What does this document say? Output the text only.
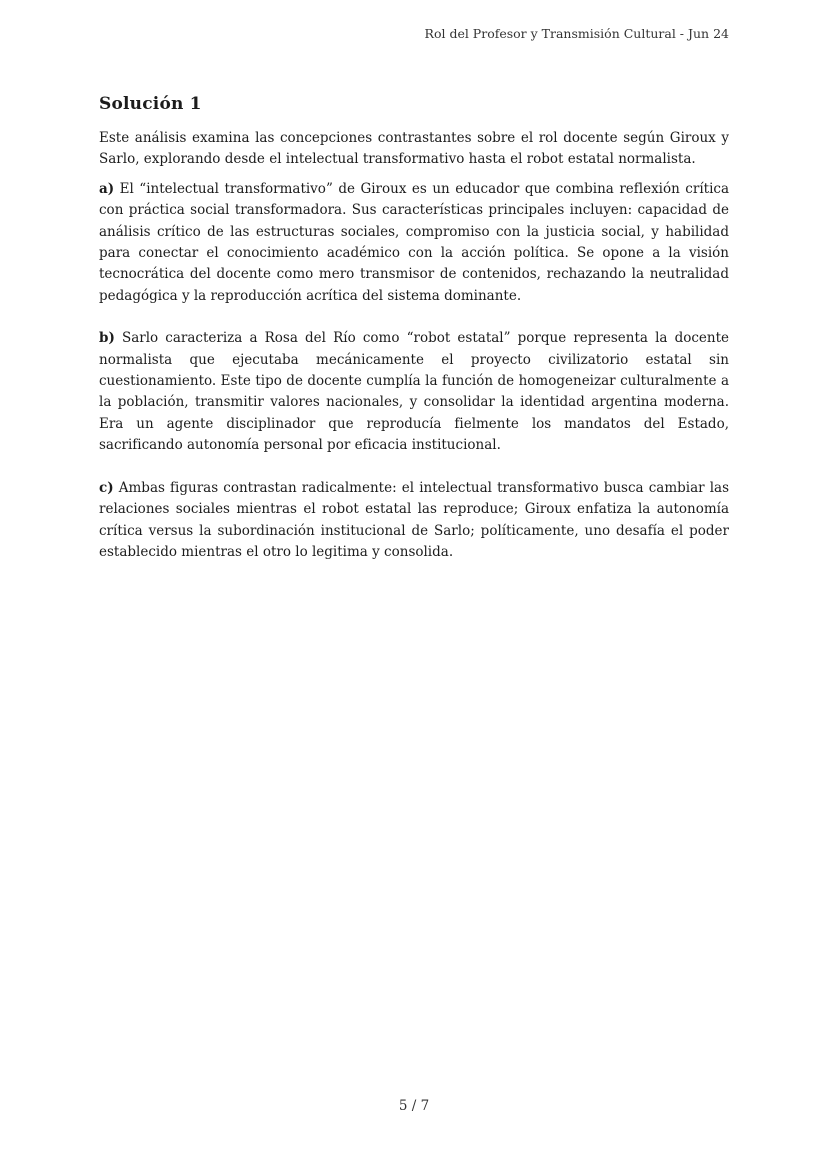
Rol del Profesor y Transmisión Cultural - Jun 24
Solución 1

Este análisis examina las concepciones contrastantes sobre el rol docente según Giroux y Sarlo, explorando desde el intelectual transformativo hasta el robot estatal normalista.

a) El “intelectual transformativo” de Giroux es un educador que combina reflexión crítica con práctica social transformadora. Sus características principales incluyen: capacidad de análisis crítico de las estructuras sociales, compromiso con la justicia social, y habilidad para conectar el conocimiento académico con la acción política. Se opone a la visión tecnocrática del docente como mero transmisor de contenidos, rechazando la neutralidad pedagógica y la reproducción acrítica del sistema dominante.

b) Sarlo caracteriza a Rosa del Río como “robot estatal” porque representa la docente normalista que ejecutaba mecánicamente el proyecto civilizatorio estatal sin cuestionamiento. Este tipo de docente cumplía la función de homogeneizar culturalmente a la población, transmitir valores nacionales, y consolidar la identidad argentina moderna. Era un agente disciplinador que reproducía fielmente los mandatos del Estado, sacrificando autonomía personal por eficacia institucional.

c) Ambas figuras contrastan radicalmente: el intelectual transformativo busca cambiar las relaciones sociales mientras el robot estatal las reproduce; Giroux enfatiza la autonomía crítica versus la subordinación institucional de Sarlo; políticamente, uno desafía el poder establecido mientras el otro lo legitima y consolida.

5 / 7
